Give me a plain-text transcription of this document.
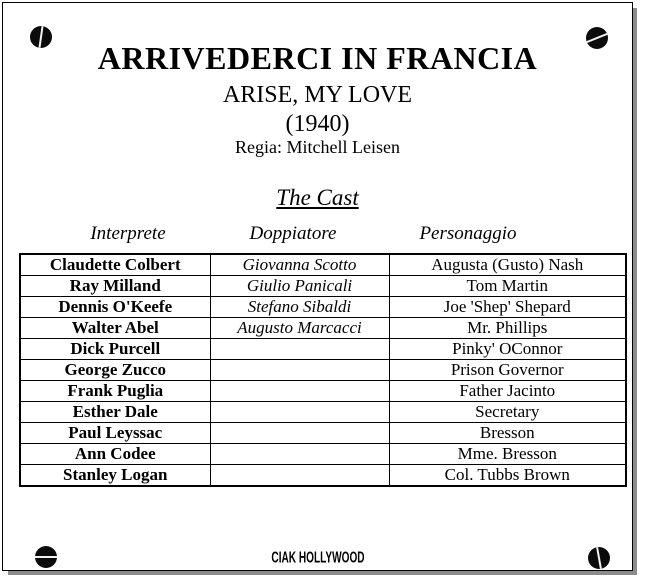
ARRIVEDERCI IN FRANCIA
ARISE, MY LOVE
(1940)
Regia: Mitchell Leisen
The Cast
Interprete	Doppiatore	Personaggio
Claudette Colbert	Giovanna Scotto	Augusta (Gusto) Nash
Ray Milland	Giulio Panicali	Tom Martin
Dennis O'Keefe	Stefano Sibaldi	Joe 'Shep' Shepard
Walter Abel	Augusto Marcacci	Mr. Phillips
Dick Purcell		Pinky' OConnor
George Zucco		Prison Governor
Frank Puglia		Father Jacinto
Esther Dale		Secretary
Paul Leyssac		Bresson
Ann Codee		Mme. Bresson
Stanley Logan		Col. Tubbs Brown
CIAK HOLLYWOOD
